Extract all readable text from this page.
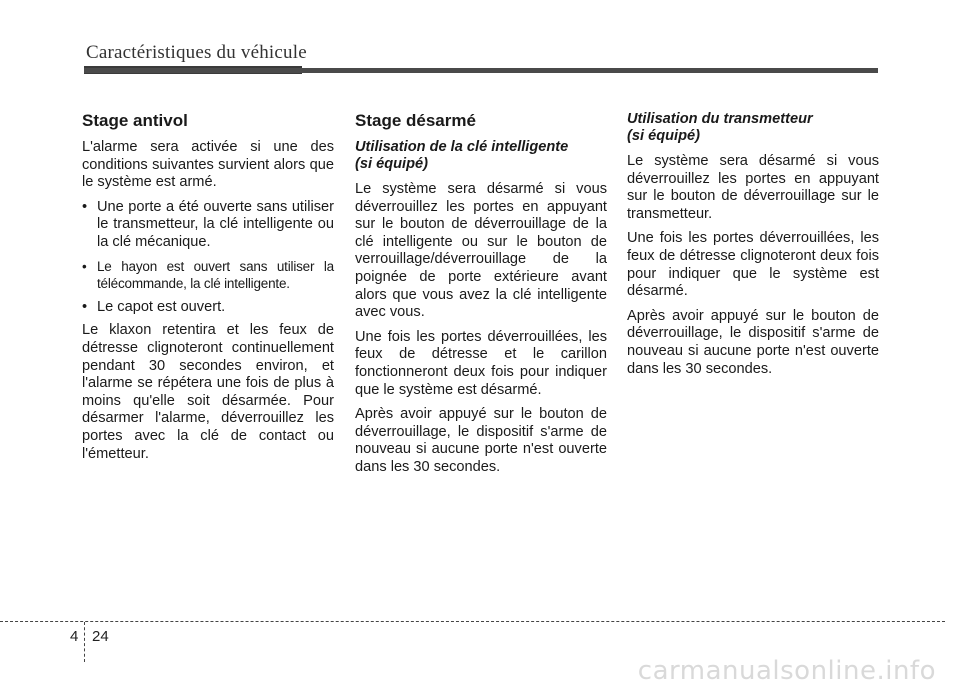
Caractéristiques du véhicule
Stage antivol

L'alarme sera activée si une des conditions suivantes survient alors que le système est armé.

• Une porte a été ouverte sans utiliser le transmetteur, la clé intelligente ou la clé mécanique.
• Le hayon est ouvert sans utiliser la télécommande, la clé intelligente.
• Le capot est ouvert.

Le klaxon retentira et les feux de détresse clignoteront continuellement pendant 30 secondes environ, et l'alarme se répétera une fois de plus à moins qu'elle soit désarmée. Pour désarmer l'alarme, déverrouillez les portes avec la clé de contact ou l'émetteur.

Stage désarmé
Utilisation de la clé intelligente
(si équipé)

Le système sera désarmé si vous déverrouillez les portes en appuyant sur le bouton de déverrouillage de la clé intelligente ou sur le bouton de verrouillage/déverrouillage de la poignée de porte extérieure avant alors que vous avez la clé intelligente avec vous.

Une fois les portes déverrouillées, les feux de détresse et le carillon fonctionneront deux fois pour indiquer que le système est désarmé.

Après avoir appuyé sur le bouton de déverrouillage, le dispositif s'arme de nouveau si aucune porte n'est ouverte dans les 30 secondes.

Utilisation du transmetteur
(si équipé)

Le système sera désarmé si vous déverrouillez les portes en appuyant sur le bouton de déverrouillage sur le transmetteur.

Une fois les portes déverrouillées, les feux de détresse clignoteront deux fois pour indiquer que le système est désarmé.

Après avoir appuyé sur le bouton de déverrouillage, le dispositif s'arme de nouveau si aucune porte n'est ouverte dans les 30 secondes.

4 24
carmanualsonline.info
